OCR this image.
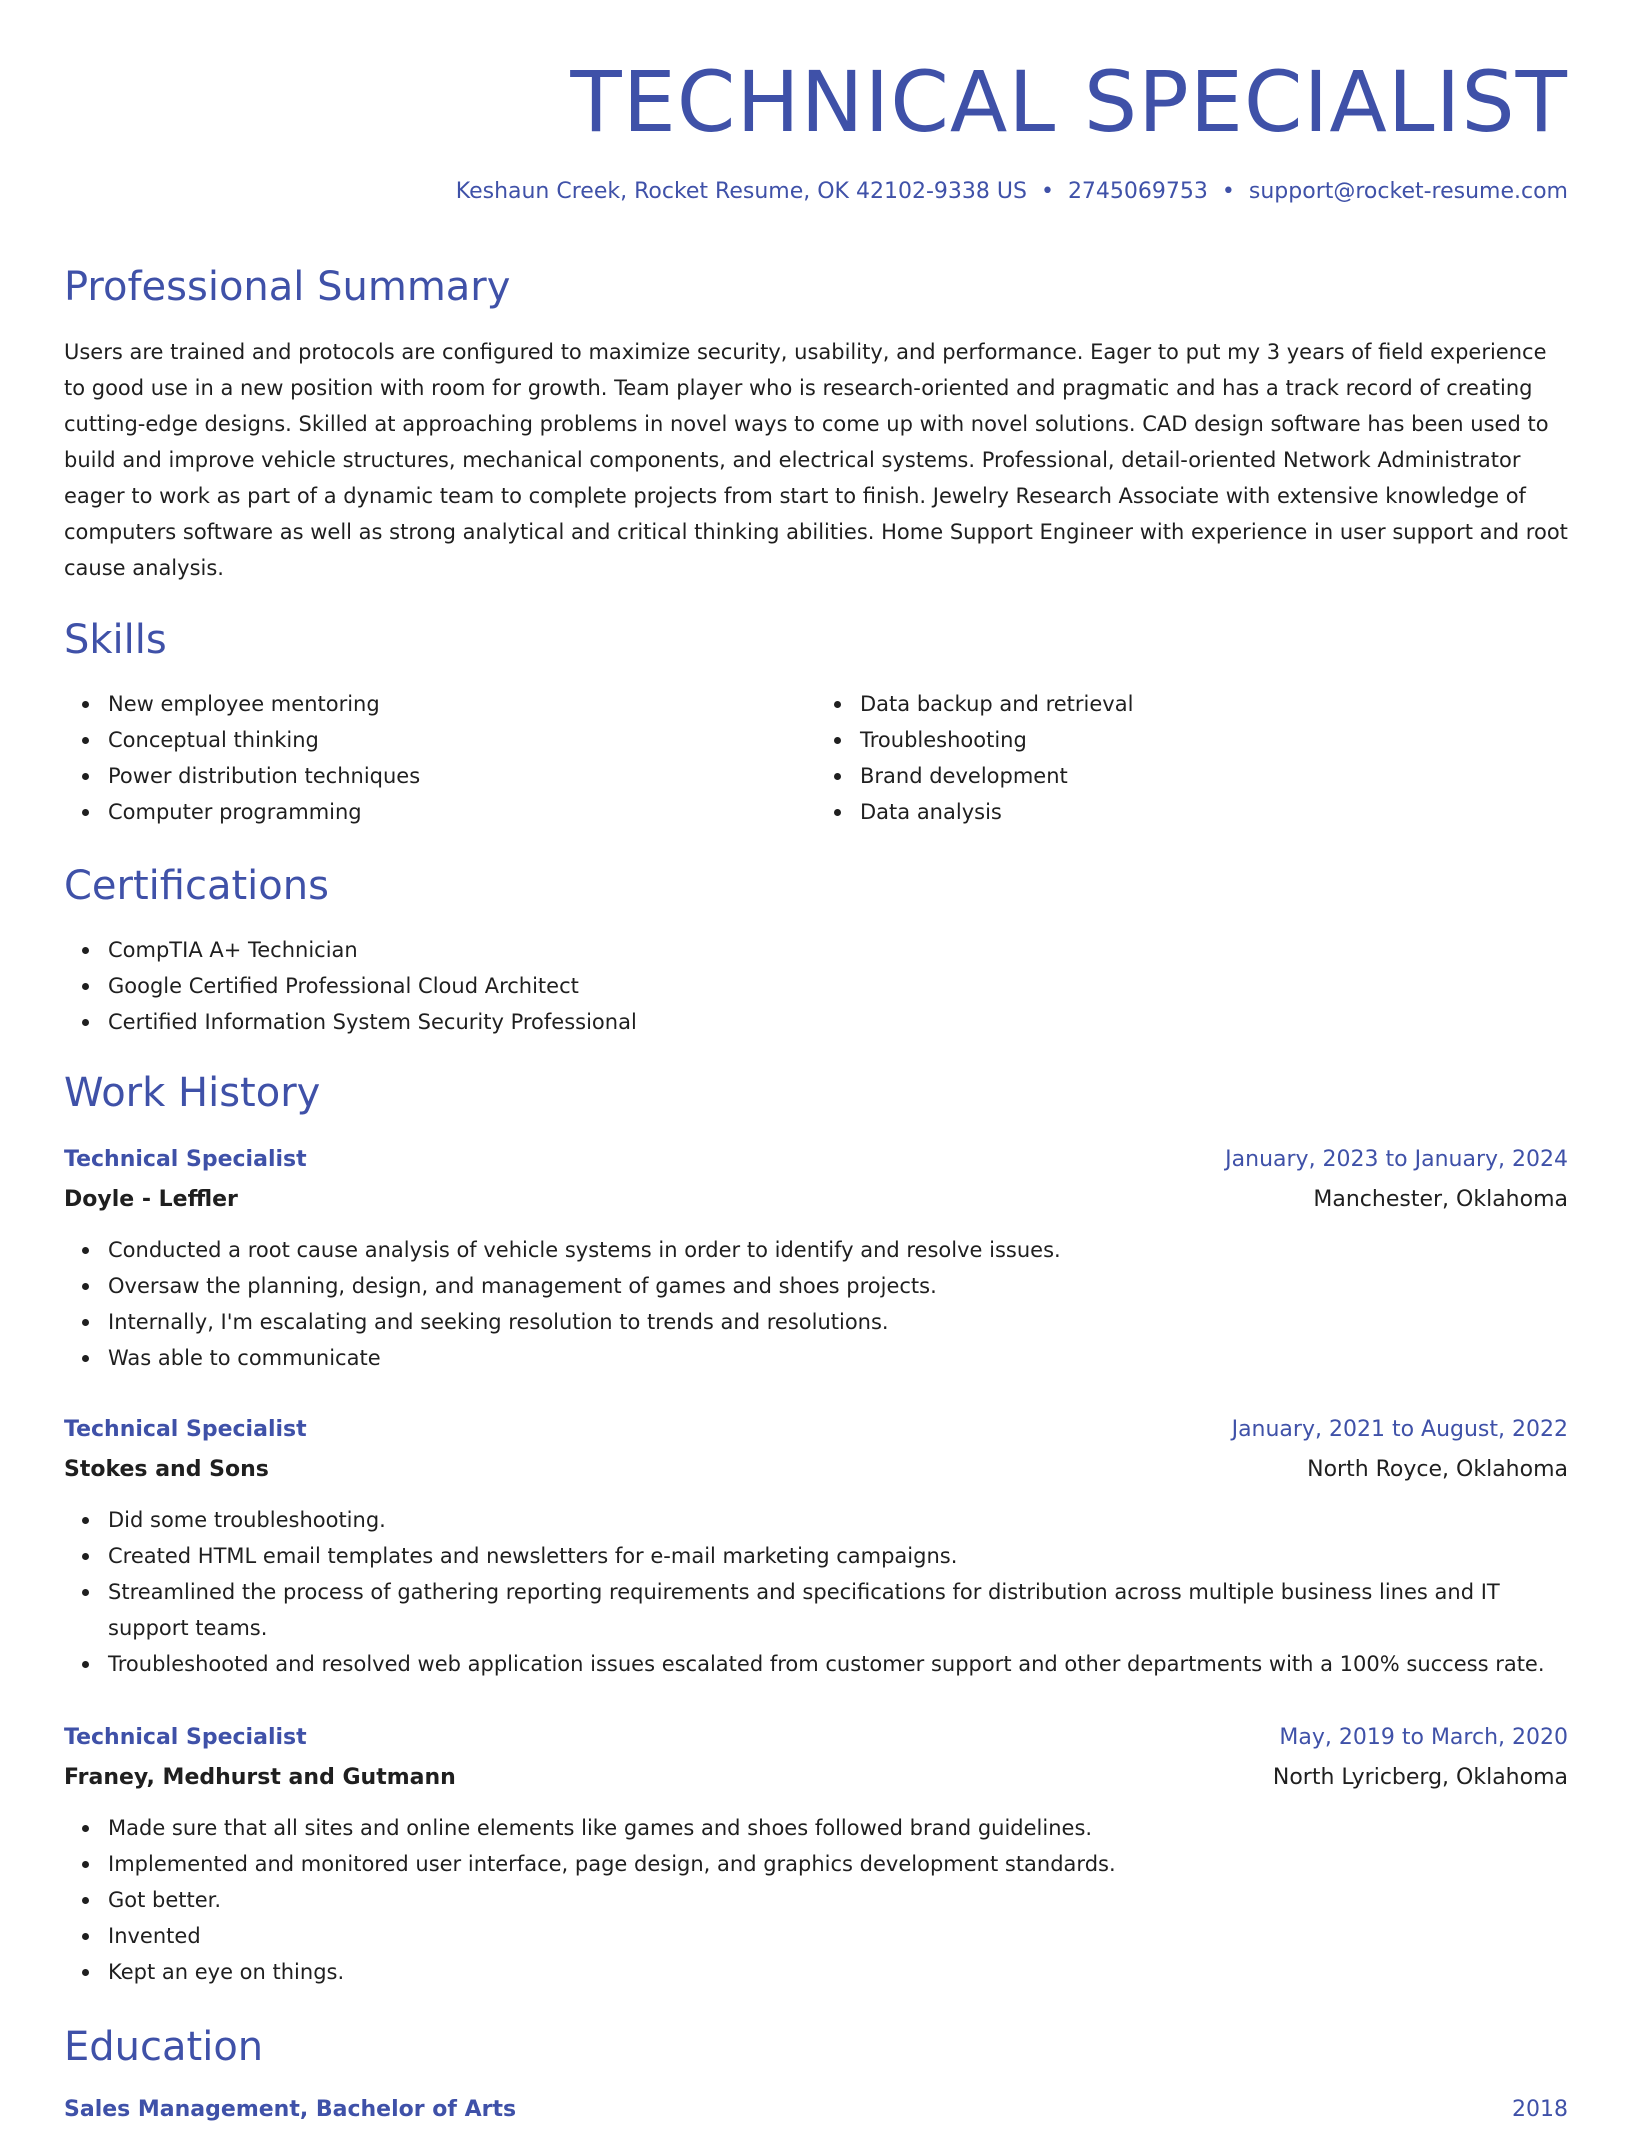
TECHNICAL SPECIALIST
Keshaun Creek, Rocket Resume, OK 42102-9338 US • 2745069753 • support@rocket-resume.com
Professional Summary
Users are trained and protocols are configured to maximize security, usability, and performance. Eager to put my 3 years of field experience to good use in a new position with room for growth. Team player who is research-oriented and pragmatic and has a track record of creating cutting-edge designs. Skilled at approaching problems in novel ways to come up with novel solutions. CAD design software has been used to build and improve vehicle structures, mechanical components, and electrical systems. Professional, detail-oriented Network Administrator eager to work as part of a dynamic team to complete projects from start to finish. Jewelry Research Associate with extensive knowledge of computers software as well as strong analytical and critical thinking abilities. Home Support Engineer with experience in user support and root cause analysis.
Skills
New employee mentoring
Conceptual thinking
Power distribution techniques
Computer programming
Data backup and retrieval
Troubleshooting
Brand development
Data analysis
Certifications
CompTIA A+ Technician
Google Certified Professional Cloud Architect
Certified Information System Security Professional
Work History
Technical Specialist	January, 2023 to January, 2024
Doyle - Leffler	Manchester, Oklahoma
Conducted a root cause analysis of vehicle systems in order to identify and resolve issues.
Oversaw the planning, design, and management of games and shoes projects.
Internally, I'm escalating and seeking resolution to trends and resolutions.
Was able to communicate
Technical Specialist	January, 2021 to August, 2022
Stokes and Sons	North Royce, Oklahoma
Did some troubleshooting.
Created HTML email templates and newsletters for e-mail marketing campaigns.
Streamlined the process of gathering reporting requirements and specifications for distribution across multiple business lines and IT support teams.
Troubleshooted and resolved web application issues escalated from customer support and other departments with a 100% success rate.
Technical Specialist	May, 2019 to March, 2020
Franey, Medhurst and Gutmann	North Lyricberg, Oklahoma
Made sure that all sites and online elements like games and shoes followed brand guidelines.
Implemented and monitored user interface, page design, and graphics development standards.
Got better.
Invented
Kept an eye on things.
Education
Sales Management, Bachelor of Arts	2018
